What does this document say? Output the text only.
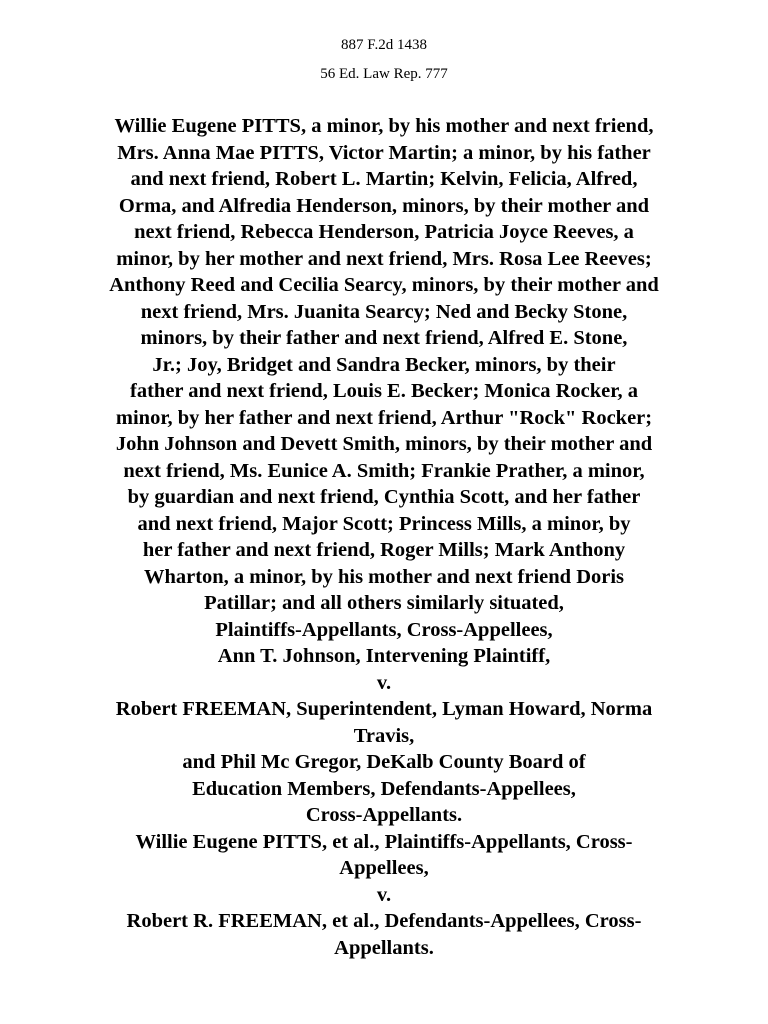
887 F.2d 1438
56 Ed. Law Rep. 777
Willie Eugene PITTS, a minor, by his mother and next friend,
Mrs. Anna Mae PITTS, Victor Martin; a minor, by his father
and next friend, Robert L. Martin; Kelvin, Felicia, Alfred,
Orma, and Alfredia Henderson, minors, by their mother and
next friend, Rebecca Henderson, Patricia Joyce Reeves, a
minor, by her mother and next friend, Mrs. Rosa Lee Reeves;
Anthony Reed and Cecilia Searcy, minors, by their mother and
next friend, Mrs. Juanita Searcy; Ned and Becky Stone,
minors, by their father and next friend, Alfred E. Stone,
Jr.; Joy, Bridget and Sandra Becker, minors, by their
father and next friend, Louis E. Becker; Monica Rocker, a
minor, by her father and next friend, Arthur "Rock" Rocker;
John Johnson and Devett Smith, minors, by their mother and
next friend, Ms. Eunice A. Smith; Frankie Prather, a minor,
by guardian and next friend, Cynthia Scott, and her father
and next friend, Major Scott; Princess Mills, a minor, by
her father and next friend, Roger Mills; Mark Anthony
Wharton, a minor, by his mother and next friend Doris
Patillar; and all others similarly situated,
Plaintiffs-Appellants, Cross-Appellees,
Ann T. Johnson, Intervening Plaintiff,
v.
Robert FREEMAN, Superintendent, Lyman Howard, Norma
Travis,
and Phil Mc Gregor, DeKalb County Board of
Education Members, Defendants-Appellees,
Cross-Appellants.
Willie Eugene PITTS, et al., Plaintiffs-Appellants, Cross-
Appellees,
v.
Robert R. FREEMAN, et al., Defendants-Appellees, Cross-
Appellants.
